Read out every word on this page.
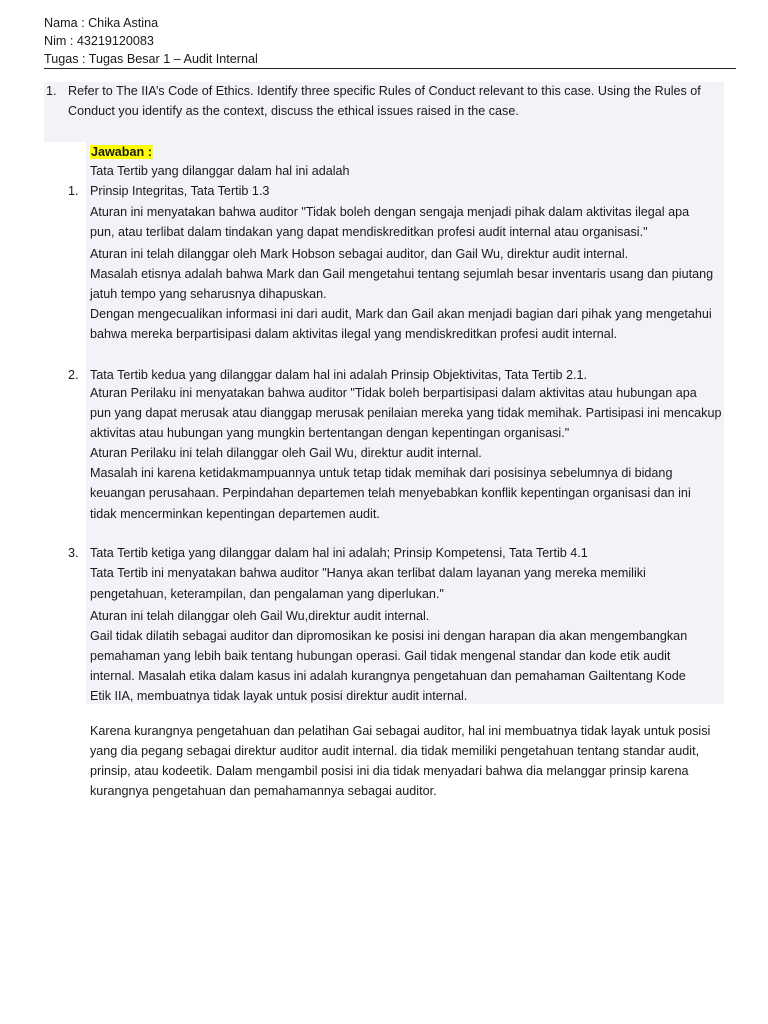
Nama : Chika Astina
Nim : 43219120083
Tugas : Tugas Besar 1 – Audit Internal
1. Refer to The IIA’s Code of Ethics. Identify three specific Rules of Conduct relevant to this case. Using the Rules of
Conduct you identify as the context, discuss the ethical issues raised in the case.
Jawaban :
Tata Tertib yang dilanggar dalam hal ini adalah
1. Prinsip Integritas, Tata Tertib 1.3
Aturan ini menyatakan bahwa auditor "Tidak boleh dengan sengaja menjadi pihak dalam aktivitas ilegal apa
pun, atau terlibat dalam tindakan yang dapat mendiskreditkan profesi audit internal atau organisasi."
Aturan ini telah dilanggar oleh Mark Hobson sebagai auditor, dan Gail Wu, direktur audit internal.
Masalah etisnya adalah bahwa Mark dan Gail mengetahui tentang sejumlah besar inventaris usang dan piutang
jatuh tempo yang seharusnya dihapuskan.
Dengan mengecualikan informasi ini dari audit, Mark dan Gail akan menjadi bagian dari pihak yang mengetahui
bahwa mereka berpartisipasi dalam aktivitas ilegal yang mendiskreditkan profesi audit internal.
2. Tata Tertib kedua yang dilanggar dalam hal ini adalah Prinsip Objektivitas, Tata Tertib 2.1.
Aturan Perilaku ini menyatakan bahwa auditor "Tidak boleh berpartisipasi dalam aktivitas atau hubungan apa
pun yang dapat merusak atau dianggap merusak penilaian mereka yang tidak memihak. Partisipasi ini mencakup
aktivitas atau hubungan yang mungkin bertentangan dengan kepentingan organisasi."
Aturan Perilaku ini telah dilanggar oleh Gail Wu, direktur audit internal.
Masalah ini karena ketidakmampuannya untuk tetap tidak memihak dari posisinya sebelumnya di bidang
keuangan perusahaan. Perpindahan departemen telah menyebabkan konflik kepentingan organisasi dan ini
tidak mencerminkan kepentingan departemen audit.
3. Tata Tertib ketiga yang dilanggar dalam hal ini adalah; Prinsip Kompetensi, Tata Tertib 4.1
Tata Tertib ini menyatakan bahwa auditor "Hanya akan terlibat dalam layanan yang mereka memiliki
pengetahuan, keterampilan, dan pengalaman yang diperlukan."
Aturan ini telah dilanggar oleh Gail Wu,direktur audit internal.
Gail tidak dilatih sebagai auditor dan dipromosikan ke posisi ini dengan harapan dia akan mengembangkan
pemahaman yang lebih baik tentang hubungan operasi. Gail tidak mengenal standar dan kode etik audit
internal. Masalah etika dalam kasus ini adalah kurangnya pengetahuan dan pemahaman Gailtentang Kode
Etik IIA, membuatnya tidak layak untuk posisi direktur audit internal.
Karena kurangnya pengetahuan dan pelatihan Gai sebagai auditor, hal ini membuatnya tidak layak untuk posisi
yang dia pegang sebagai direktur auditor audit internal. dia tidak memiliki pengetahuan tentang standar audit,
prinsip, atau kodeetik. Dalam mengambil posisi ini dia tidak menyadari bahwa dia melanggar prinsip karena
kurangnya pengetahuan dan pemahamannya sebagai auditor.
